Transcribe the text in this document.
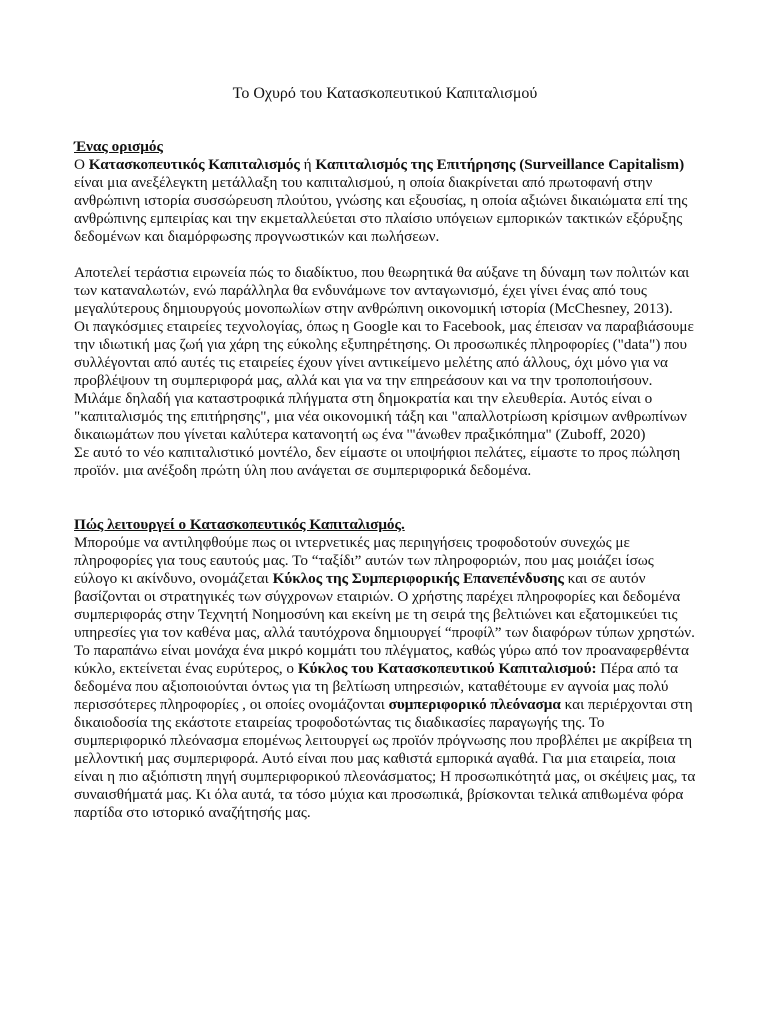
Το Οχυρό του Κατασκοπευτικού Καπιταλισμού
Ένας ορισμός

Ο Κατασκοπευτικός Καπιταλισμός ή Καπιταλισμός της Επιτήρησης (Surveillance Capitalism) είναι μια ανεξέλεγκτη μετάλλαξη του καπιταλισμού, η οποία διακρίνεται από πρωτοφανή στην ανθρώπινη ιστορία συσσώρευση πλούτου, γνώσης και εξουσίας, η οποία αξιώνει δικαιώματα επί της ανθρώπινης εμπειρίας και την εκμεταλλεύεται στο πλαίσιο υπόγειων εμπορικών τακτικών εξόρυξης δεδομένων και διαμόρφωσης προγνωστικών και πωλήσεων.

Αποτελεί τεράστια ειρωνεία πώς το διαδίκτυο, που θεωρητικά θα αύξανε τη δύναμη των πολιτών και των καταναλωτών, ενώ παράλληλα θα ενδυνάμωνε τον ανταγωνισμό, έχει γίνει ένας από τους μεγαλύτερους δημιουργούς μονοπωλίων στην ανθρώπινη οικονομική ιστορία (McChesney, 2013).

Οι παγκόσμιες εταιρείες τεχνολογίας, όπως η Google και το Facebook, μας έπεισαν να παραβιάσουμε την ιδιωτική μας ζωή για χάρη της εύκολης εξυπηρέτησης. Οι προσωπικές πληροφορίες ("data") που συλλέγονται από αυτές τις εταιρείες έχουν γίνει αντικείμενο μελέτης από άλλους, όχι μόνο για να προβλέψουν τη συμπεριφορά μας, αλλά και για να την επηρεάσουν και να την τροποποιήσουν. Μιλάμε δηλαδή για καταστροφικά πλήγματα στη δημοκρατία και την ελευθερία. Αυτός είναι ο "καπιταλισμός της επιτήρησης", μια νέα οικονομική τάξη και "απαλλοτρίωση κρίσιμων ανθρωπίνων δικαιωμάτων που γίνεται καλύτερα κατανοητή ως ένα '"άνωθεν πραξικόπημα" (Zuboff, 2020)

Σε αυτό το νέο καπιταλιστικό μοντέλο, δεν είμαστε οι υποψήφιοι πελάτες, είμαστε το προς πώληση προϊόν. μια ανέξοδη πρώτη ύλη που ανάγεται σε συμπεριφορικά δεδομένα.

Πώς λειτουργεί ο Κατασκοπευτικός Καπιταλισμός.

Μπορούμε να αντιληφθούμε πως οι ιντερνετικές μας περιηγήσεις τροφοδοτούν συνεχώς με πληροφορίες για τους εαυτούς μας. Το “ταξίδι” αυτών των πληροφοριών, που μας μοιάζει ίσως εύλογο κι ακίνδυνο, ονομάζεται Κύκλος της Συμπεριφορικής Επανεπένδυσης και σε αυτόν βασίζονται οι στρατηγικές των σύγχρονων εταιριών. Ο χρήστης παρέχει πληροφορίες και δεδομένα συμπεριφοράς στην Τεχνητή Νοημοσύνη και εκείνη με τη σειρά της βελτιώνει και εξατομικεύει τις υπηρεσίες για τον καθένα μας, αλλά ταυτόχρονα δημιουργεί “προφίλ” των διαφόρων τύπων χρηστών.

Το παραπάνω είναι μονάχα ένα μικρό κομμάτι του πλέγματος, καθώς γύρω από τον προαναφερθέντα κύκλο, εκτείνεται ένας ευρύτερος, ο Κύκλος του Κατασκοπευτικού Καπιταλισμού: Πέρα από τα δεδομένα που αξιοποιούνται όντως για τη βελτίωση υπηρεσιών, καταθέτουμε εν αγνοία μας πολύ περισσότερες πληροφορίες , οι οποίες ονομάζονται συμπεριφορικό πλεόνασμα και περιέρχονται στη δικαιοδοσία της εκάστοτε εταιρείας τροφοδοτώντας τις διαδικασίες παραγωγής της. Το συμπεριφορικό πλεόνασμα επομένως λειτουργεί ως προϊόν πρόγνωσης που προβλέπει με ακρίβεια τη μελλοντική μας συμπεριφορά. Αυτό είναι που μας καθιστά εμπορικά αγαθά. Για μια εταιρεία, ποια είναι η πιο αξιόπιστη πηγή συμπεριφορικού πλεονάσματος; Η προσωπικότητά μας, οι σκέψεις μας, τα συναισθήματά μας. Κι όλα αυτά, τα τόσο μύχια και προσωπικά, βρίσκονται τελικά απιθωμένα φόρα παρτίδα στο ιστορικό αναζήτησής μας.
